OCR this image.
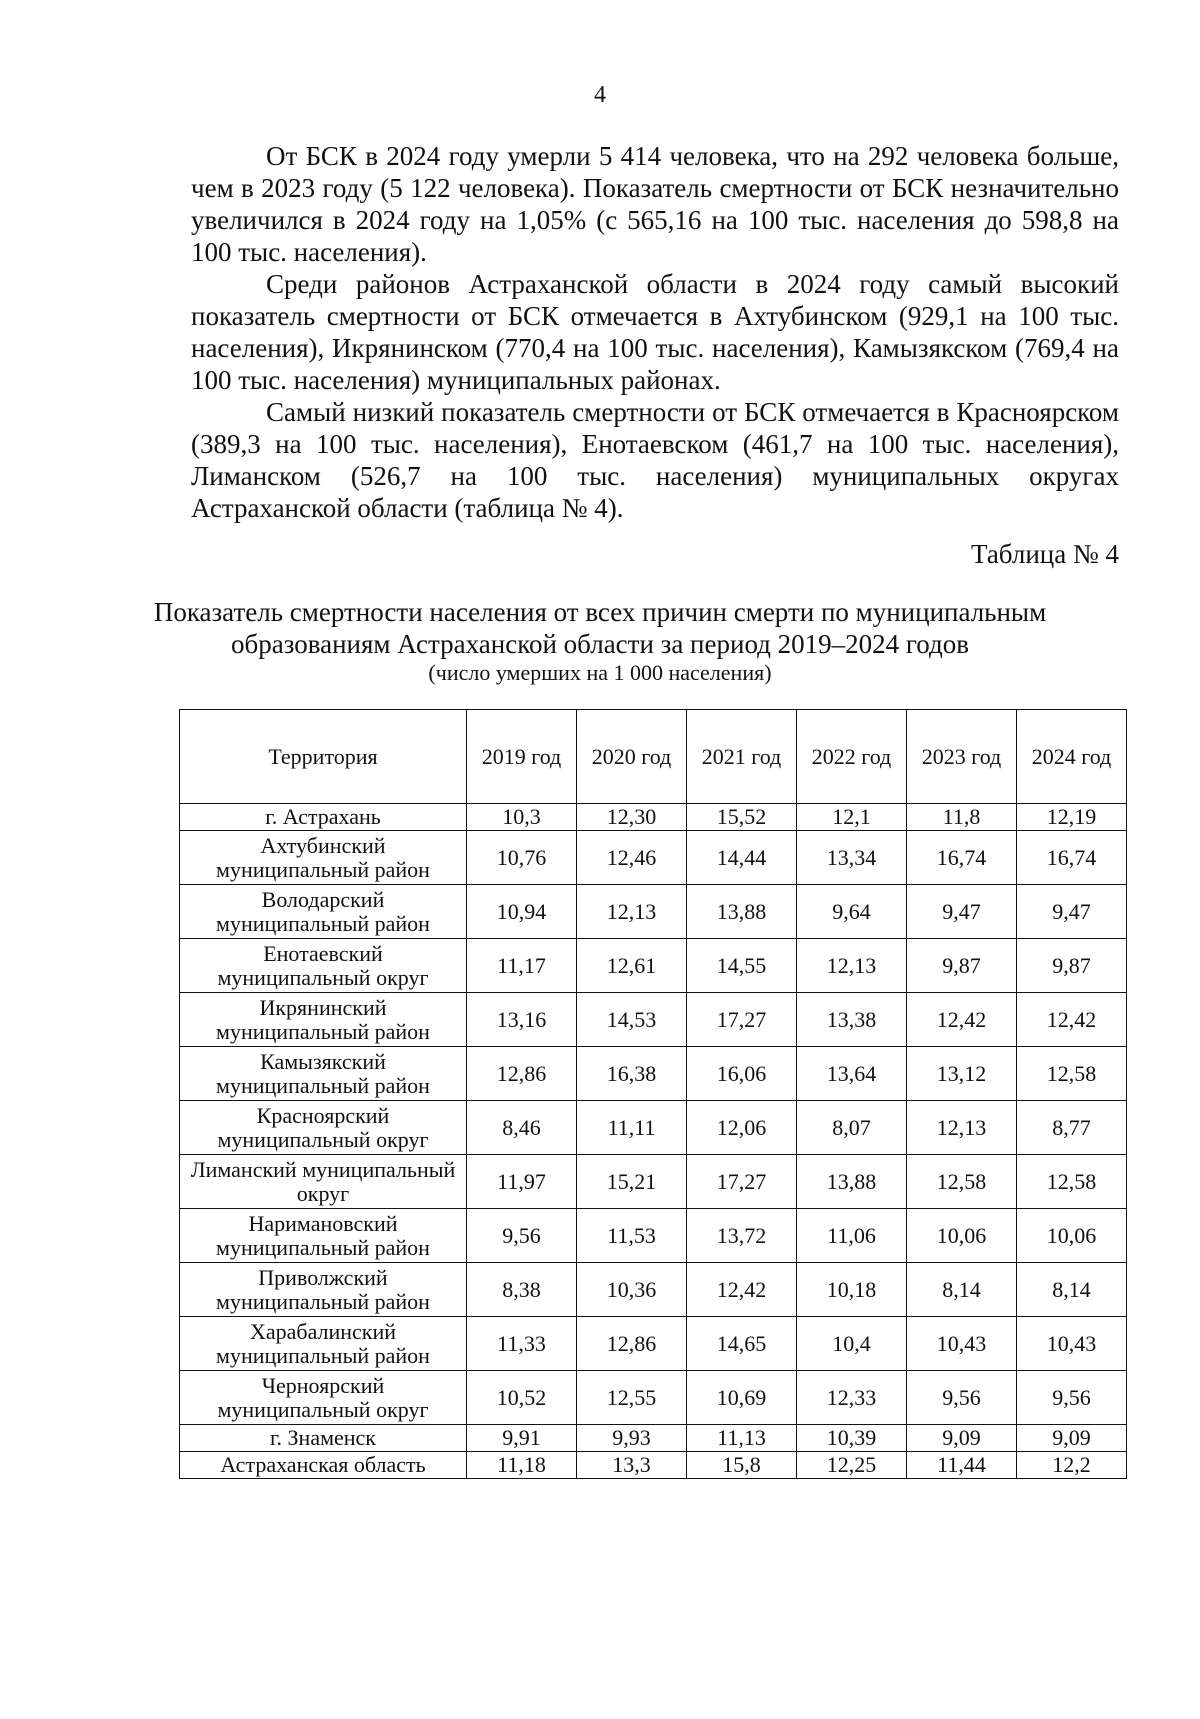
4

От БСК в 2024 году умерли 5 414 человека, что на 292 человека больше, чем в 2023 году (5 122 человека). Показатель смертности от БСК незначительно увеличился в 2024 году на 1,05% (с 565,16 на 100 тыс. населения до 598,8 на 100 тыс. населения).

Среди районов Астраханской области в 2024 году самый высокий показатель смертности от БСК отмечается в Ахтубинском (929,1 на 100 тыс. населения), Икрянинском (770,4 на 100 тыс. населения), Камызякском (769,4 на 100 тыс. населения) муниципальных районах.

Самый низкий показатель смертности от БСК отмечается в Красноярском (389,3 на 100 тыс. населения), Енотаевском (461,7 на 100 тыс. населения), Лиманском (526,7 на 100 тыс. населения) муниципальных округах Астраханской области (таблица № 4).

Таблица № 4
Показатель смертности населения от всех причин смерти по муниципальным
образованиям Астраханской области за период 2019–2024 годов
(число умерших на 1 000 населения)
Территория	2019 год	2020 год	2021 год	2022 год	2023 год	2024 год
г. Астрахань	10,3	12,30	15,52	12,1	11,8	12,19
Ахтубинский муниципальный район	10,76	12,46	14,44	13,34	16,74	16,74
Володарский муниципальный район	10,94	12,13	13,88	9,64	9,47	9,47
Енотаевский муниципальный округ	11,17	12,61	14,55	12,13	9,87	9,87
Икрянинский муниципальный район	13,16	14,53	17,27	13,38	12,42	12,42
Камызякский муниципальный район	12,86	16,38	16,06	13,64	13,12	12,58
Красноярский муниципальный округ	8,46	11,11	12,06	8,07	12,13	8,77
Лиманский муниципальный округ	11,97	15,21	17,27	13,88	12,58	12,58
Наримановский муниципальный район	9,56	11,53	13,72	11,06	10,06	10,06
Приволжский муниципальный район	8,38	10,36	12,42	10,18	8,14	8,14
Харабалинский муниципальный район	11,33	12,86	14,65	10,4	10,43	10,43
Черноярский муниципальный округ	10,52	12,55	10,69	12,33	9,56	9,56
г. Знаменск	9,91	9,93	11,13	10,39	9,09	9,09
Астраханская область	11,18	13,3	15,8	12,25	11,44	12,2
